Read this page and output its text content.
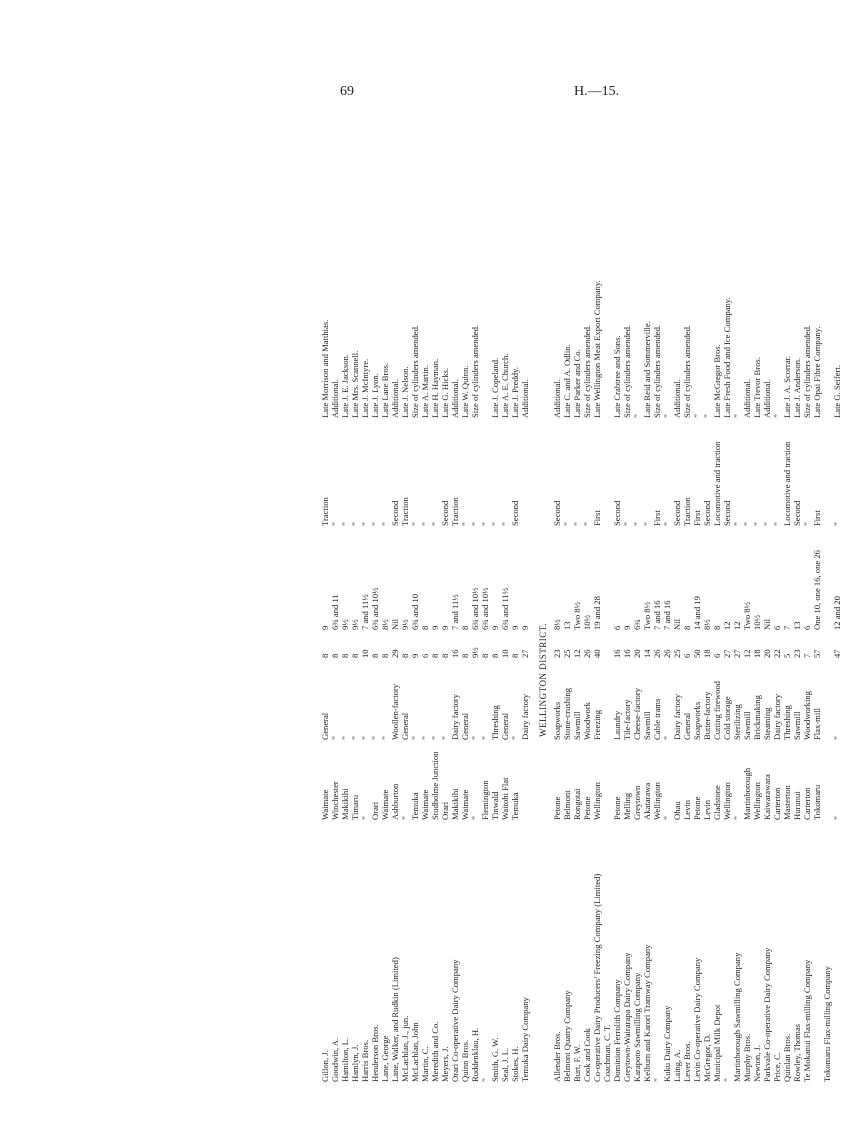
69	H.—15.
Gillon, J. Goodwin, A. Hamilton, L. Hamlyn, J. Harris Bros. Henderson Bros. Lane, George Lane, Walker, and Rudkin (Limited) McLachlan, J., jun. McLachlan, John Martin, C. Meredith and Co. Meyers, J. Orari Co-operative Dairy Company Quinn Bros. Ruddenklau, H. ” Smith, G. W. Seal, J. L. Stokes, H. Temuka Dairy Company
Waimate Winchester Makikihi Timaru ” Orari Waimate Ashburton ” Temuka Waimate Studholme Junction Orari Makikihi Waimate ” Flemington Tinwald Waitohi Flat Temuka
General ” ” ” ” ” ” Woollen-factory General ” ” ” ” Dairy factory General ” ” Threshing General ” Dairy factory
8 8 8 8 10 8 8 29 8 9 6 8 8 16 8 9½ 8 8 10 8 27
9 6¾ and 11 9½ 9½ 7 and 11½ 6¾ and 10½ 8½ Nil 9½ 6¾ and 10 8 9 9 7 and 11½ 8 6¾ and 10½ 6¾ and 10½ 9 6¾ and 11½ 9 9
Traction ” ” ” ” ” ” Second Traction ” ” ” Second Traction ” ” ” ” ” Second
Late Morrison and Matthias. Additional. Late J. E. Jackson. Late Mrs. Scannell. Late J. McIntyre. Late J. Lyon. Late Lane Bros. Additional. Late J. Nelson. Size of cylinders amended. Late A. Martin. Late H. Hayman. Late G. Hicks. Additional. Late W. Quinn. Size of cylinders amended. Late J. Copeland. Late A. E. Church. Late J. Preddy. Additional.
WELLINGTON DISTRICT.
Allender Bros. Belmont Quarry Company Burt, F. W. Cook and Cook Co-operative Dairy Producers’ Freezing Company (Limited) Coachman, C. T. Dominion Ferrolith Company Greytown-Wairarapa Dairy Company Karapoto Sawmilling Company Kelburn and Karori Tramway Company ” Kuku Dairy Company Laing, A. Lever Bros. Levin Co-operative Dairy Company McGregor, D. Municipal Milk Depot ” Martinborough Sawmilling Company Murphy Bros. Newton, J. Parkvale Co-operative Dairy Company Price, C. Quinlan Bros. Rowley, Thomas Te Mokanui Flax-milling Company Tokomaru Flax-milling Company
Petone Belmont Rongotai Petone Wellington Petone Melling Greytown Akatarawa Wellington ” Ohau Levin Petone Levin Gladstone Wellington ” Martinborough Wellington Kaiwarawara Carterton Masterton Hurunui Carterton Tokomaru ”
Soapworks Stone-crushing Sawmill Woodwork Freezing Laundry Tile-factory Cheese-factory Sawmill Cable trams ” Dairy factory General Soapworks Butter-factory Cutting firewood Cold storage Sterilizing Sawmill Brickmaking Steaming Dairy factory Threshing Sawmill Woodworking Flax-mill ”
23 25 12 26 40 16 16 20 14 26 26 25 6 50 18 6 27 27 12 18 20 22 5 23 7 57 47
8½ 13 Two 8½ 10½ 19 and 28 6 9 6¾ Two 8½ 7 and 16 7 and 16 Nil 8 14 and 19 8½ 8 12 12 Two 8½ 10½ Nil 6 7 13 6 One 10, one 16, one 26 12 and 20
Second ” ” ” First Second ” ” ” First ” Second Traction First Second Locomotive and traction Second ” ” ” ” ” Locomotive and traction Second ” First ”
Additional. Late C. and A. Odlin. Late Parker and Co. Size of cylinders amended. Late Wellington Meat Export Company. Late Crabtree and Sons. Size of cylinders amended. ” Late Reid and Sommerville. Size of cylinders amended. ” Additional. Size of cylinders amended. ” ” Late McGregor Bros. Late Fresh Food and Ice Company. ” Additional. Late Trevor Bros. Additional. ” Late J. A. Scorrar. Late J. Anderson. Size of cylinders amended. Late Opai Fibre Company. Late G. Seifert.
